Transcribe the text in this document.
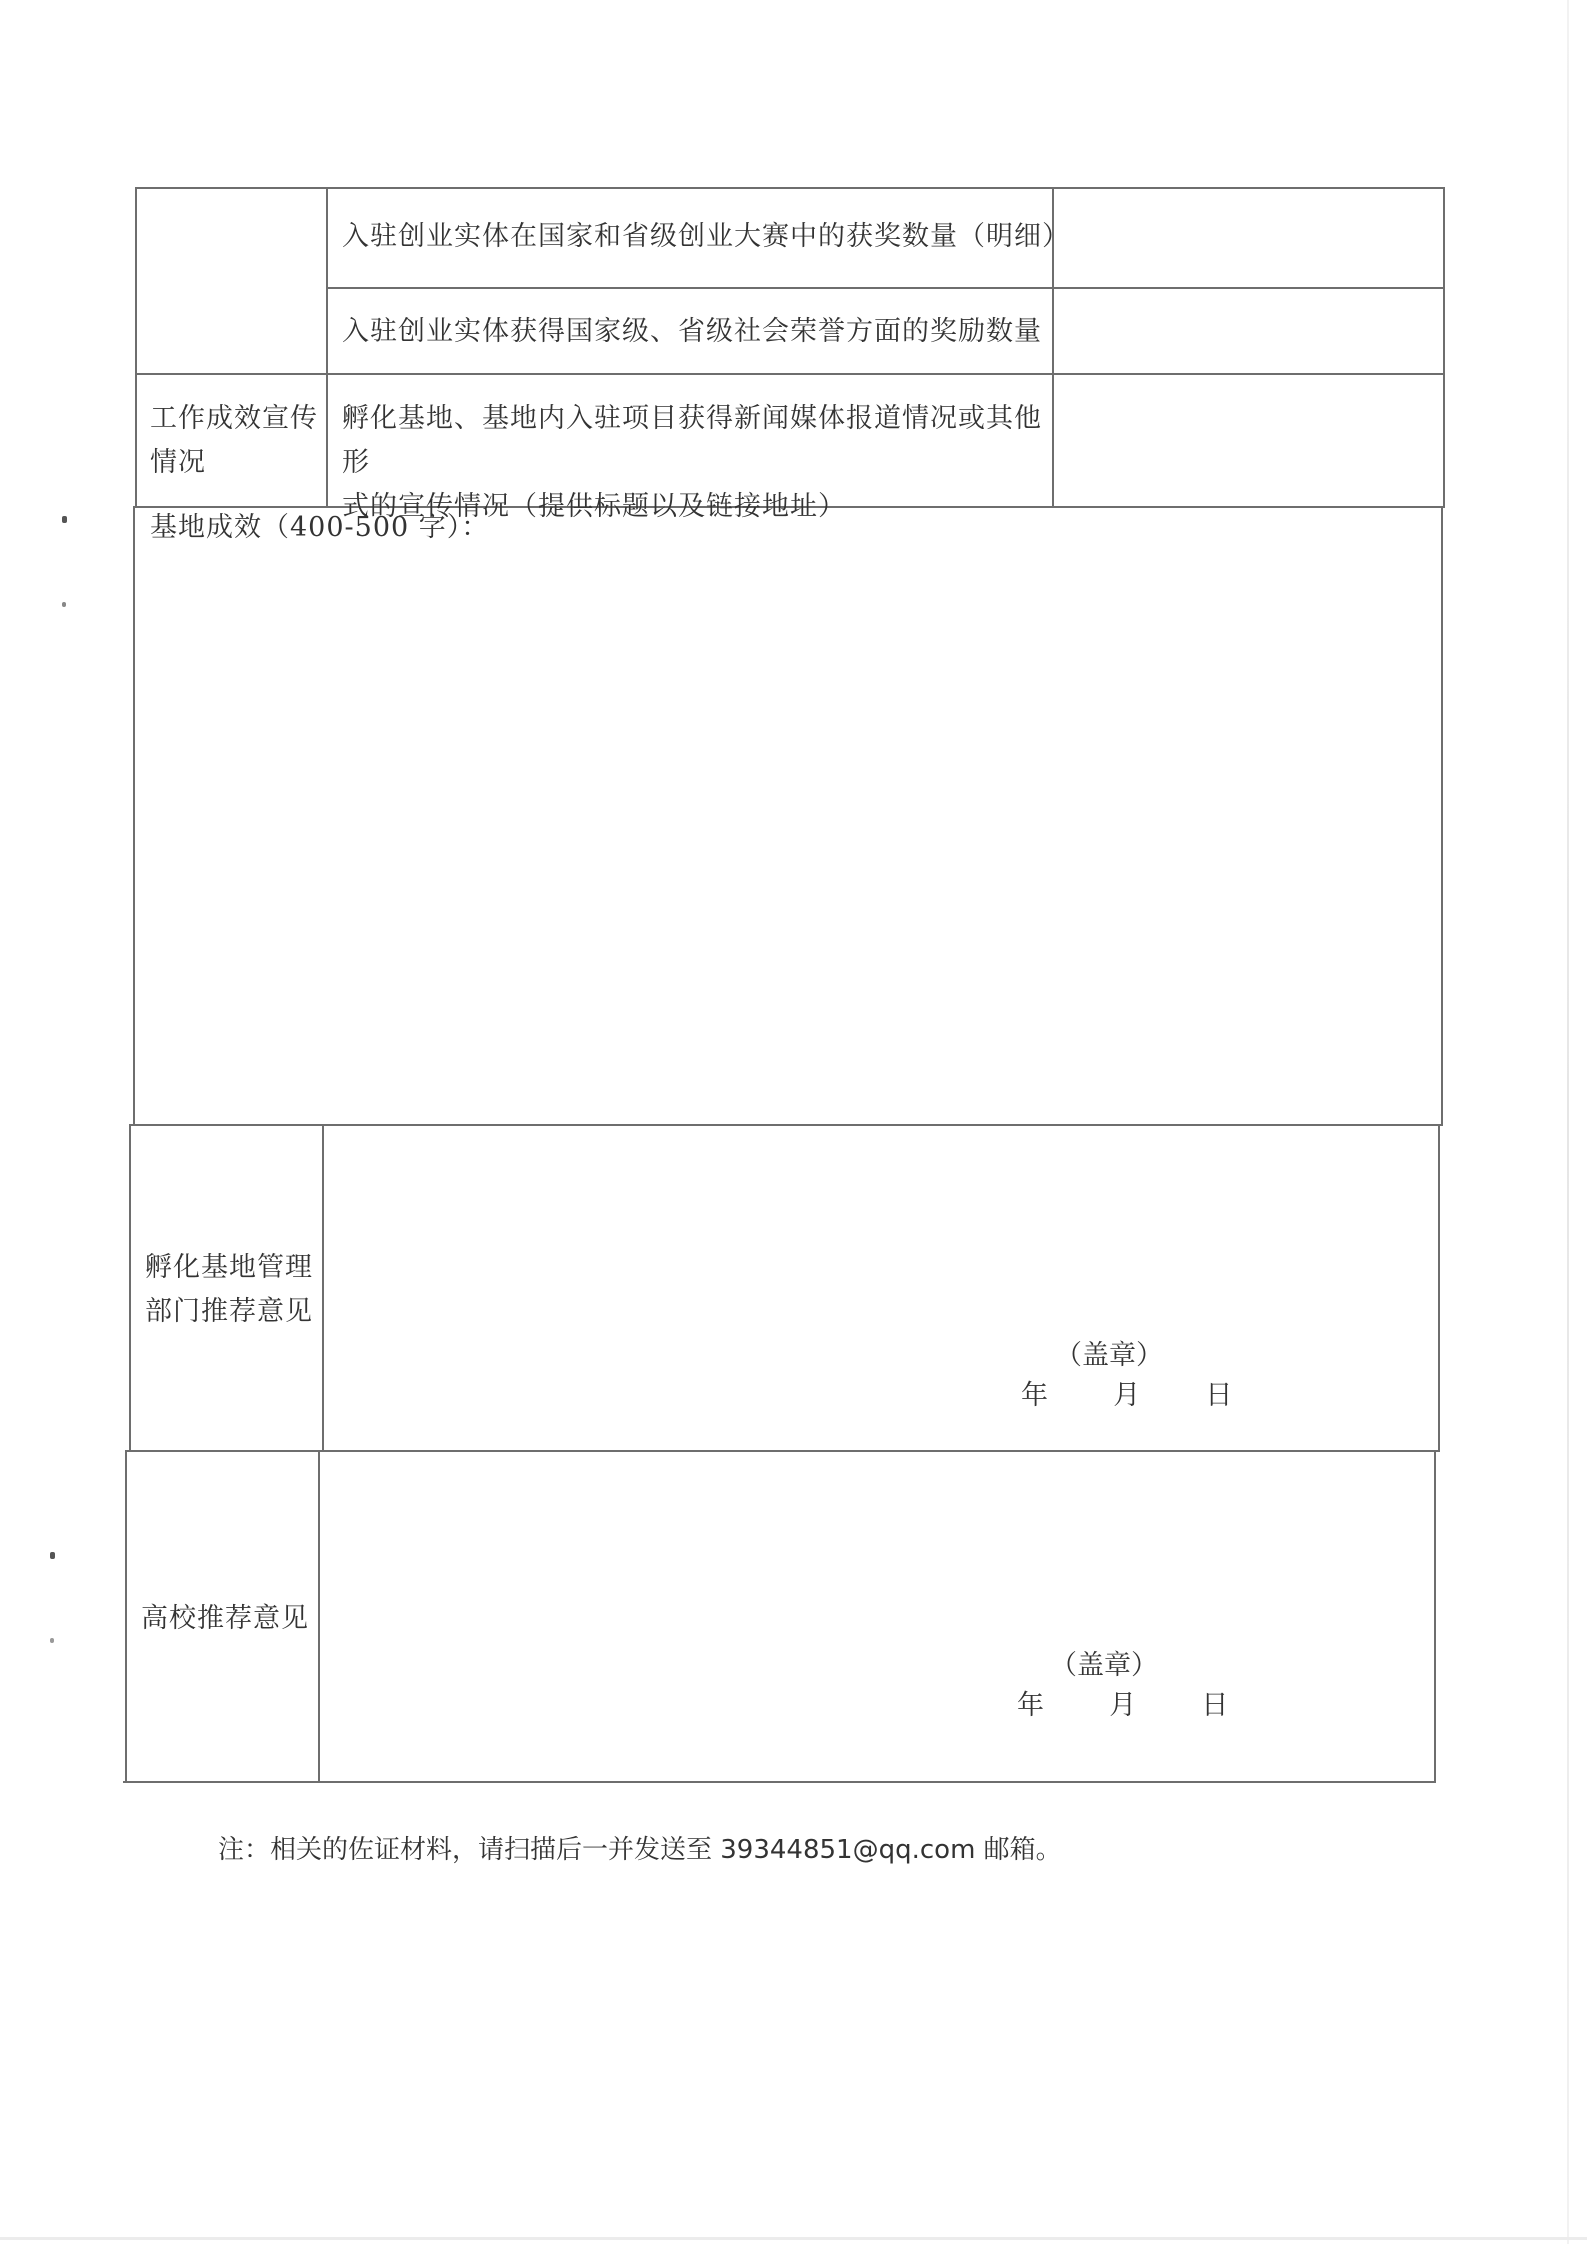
入驻创业实体在国家和省级创业大赛中的获奖数量（明细）
入驻创业实体获得国家级、省级社会荣誉方面的奖励数量
工作成效宣传情况
孵化基地、基地内入驻项目获得新闻媒体报道情况或其他形
式的宣传情况（提供标题以及链接地址）
基地成效（400-500 字）：
孵化基地管理
部门推荐意见
（盖章）
年 月 日
高校推荐意见
（盖章）
年 月 日
注：相关的佐证材料，请扫描后一并发送至 39344851@qq.com 邮箱。
